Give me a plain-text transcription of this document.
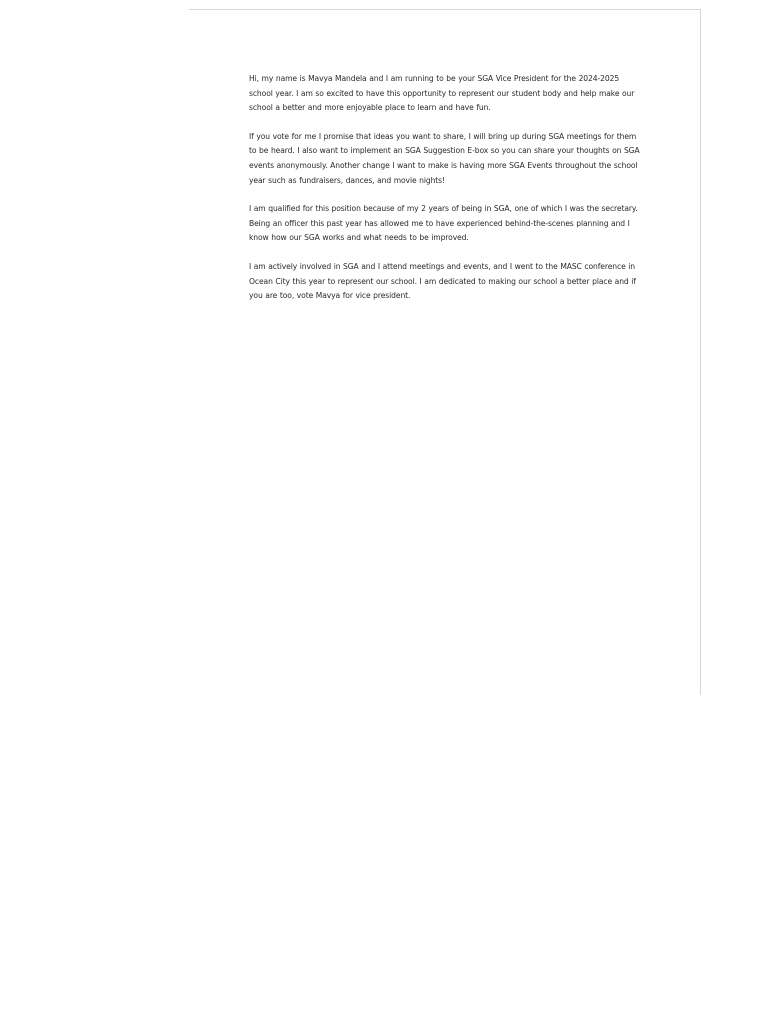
Hi, my name is Mavya Mandela and I am running to be your SGA Vice President for the 2024-2025 school year. I am so excited to have this opportunity to represent our student body and help make our school a better and more enjoyable place to learn and have fun.

If you vote for me I promise that ideas you want to share, I will bring up during SGA meetings for them to be heard. I also want to implement an SGA Suggestion E-box so you can share your thoughts on SGA events anonymously. Another change I want to make is having more SGA Events throughout the school year such as fundraisers, dances, and movie nights!

I am qualified for this position because of my 2 years of being in SGA, one of which I was the secretary. Being an officer this past year has allowed me to have experienced behind-the-scenes planning and I know how our SGA works and what needs to be improved.

I am actively involved in SGA and I attend meetings and events, and I went to the MASC conference in Ocean City this year to represent our school. I am dedicated to making our school a better place and if you are too, vote Mavya for vice president.
